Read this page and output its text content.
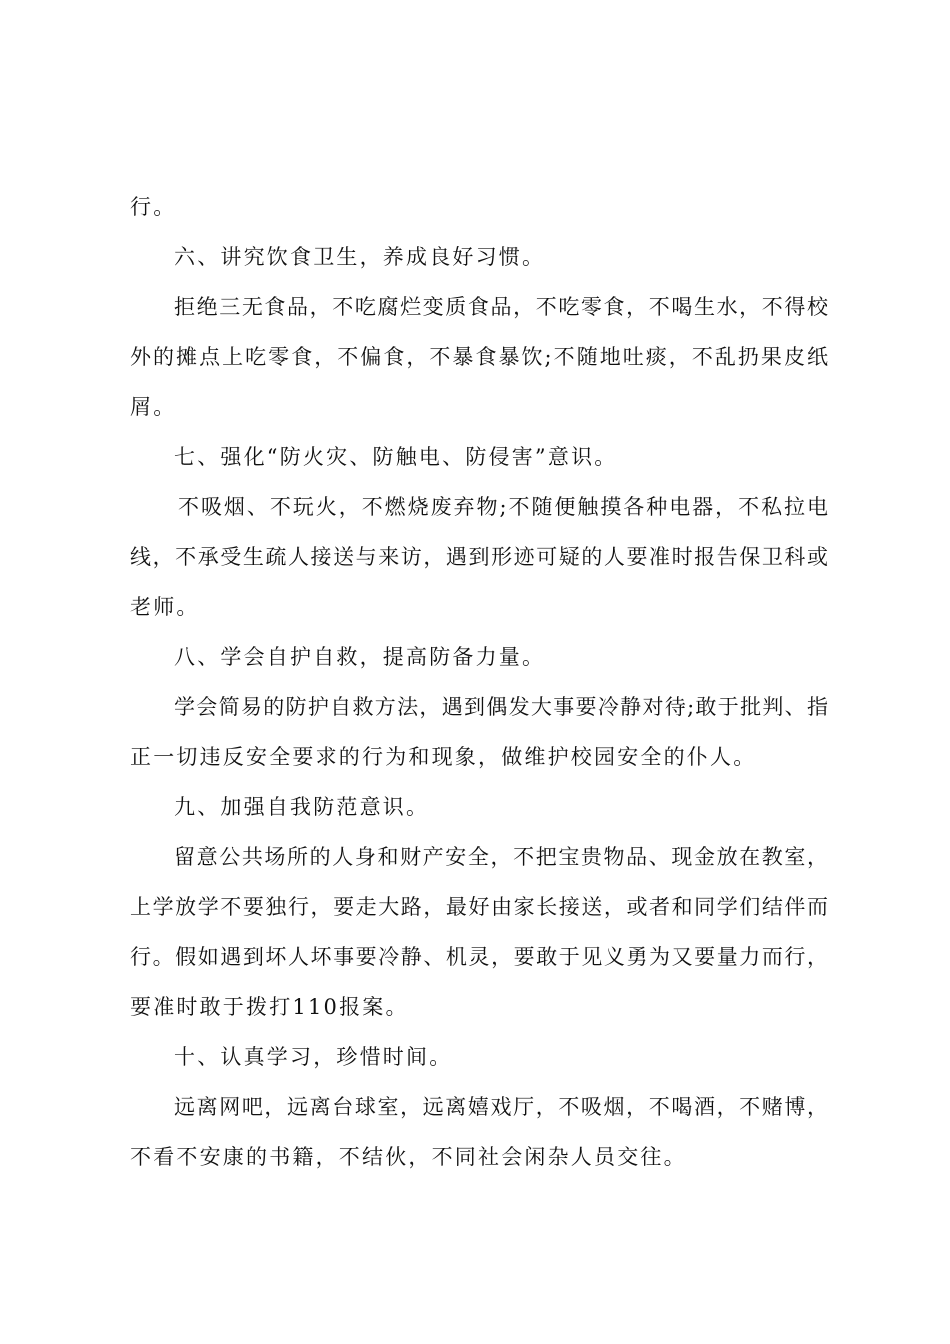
行。
六、讲究饮食卫生，养成良好习惯。
拒绝三无食品，不吃腐烂变质食品，不吃零食，不喝生水，不得校
外的摊点上吃零食，不偏食，不暴食暴饮;不随地吐痰，不乱扔果皮纸
屑。
七、强化“防火灾、防触电、防侵害”意识。
不吸烟、不玩火，不燃烧废弃物;不随便触摸各种电器，不私拉电
线，不承受生疏人接送与来访，遇到形迹可疑的人要准时报告保卫科或
老师。
八、学会自护自救，提高防备力量。
学会简易的防护自救方法，遇到偶发大事要冷静对待;敢于批判、指
正一切违反安全要求的行为和现象，做维护校园安全的仆人。
九、加强自我防范意识。
留意公共场所的人身和财产安全，不把宝贵物品、现金放在教室，
上学放学不要独行，要走大路，最好由家长接送，或者和同学们结伴而
行。假如遇到坏人坏事要冷静、机灵，要敢于见义勇为又要量力而行，
要准时敢于拨打110报案。
十、认真学习，珍惜时间。
远离网吧，远离台球室，远离嬉戏厅，不吸烟，不喝酒，不赌博，
不看不安康的书籍，不结伙，不同社会闲杂人员交往。
